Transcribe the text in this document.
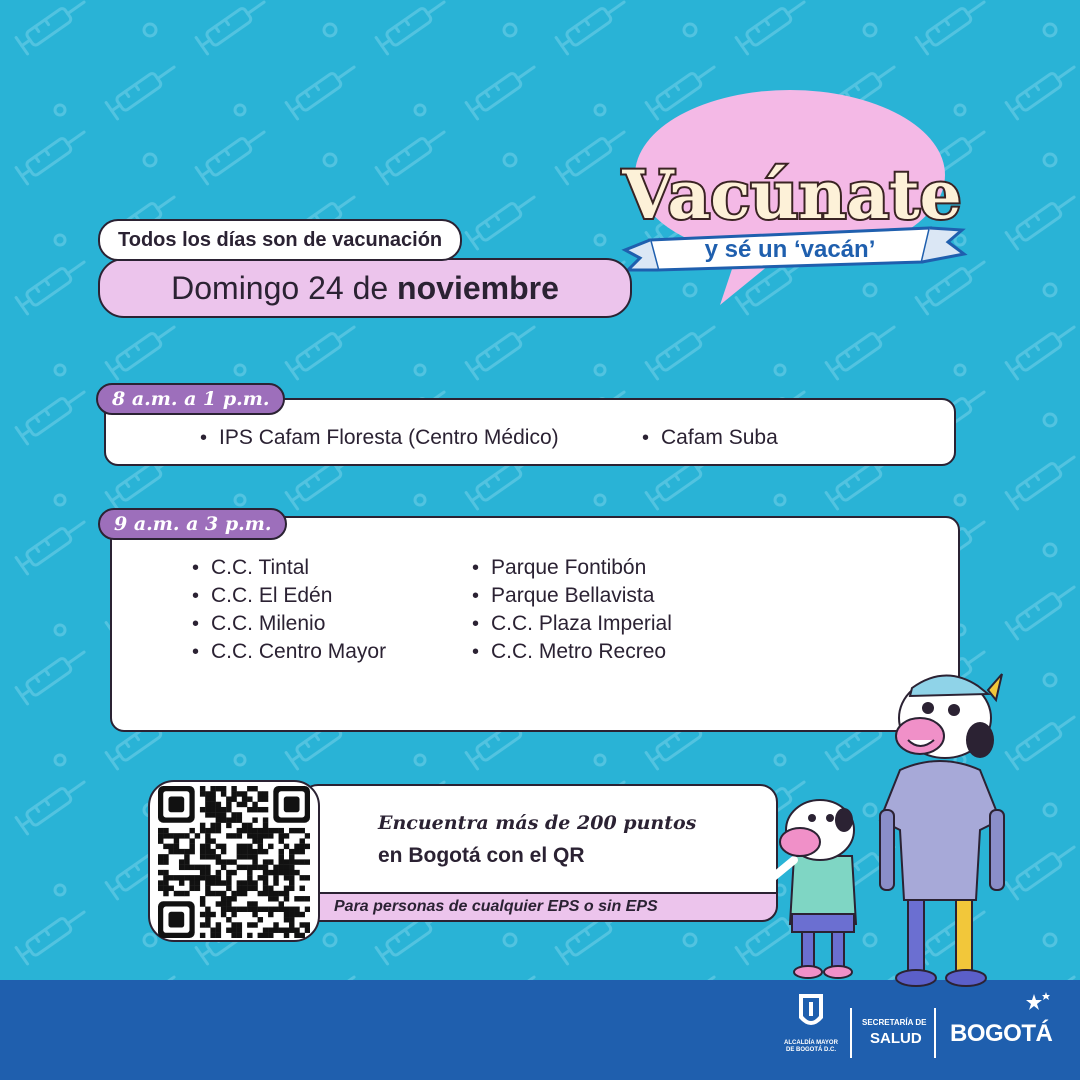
Vacúnate
y sé un ‘vacán’
Todos los días son de vacunación
Domingo 24 de noviembre
8 a.m. a 1 p.m.
• IPS Cafam Floresta (Centro Médico)
•	Cafam Suba
9 a.m. a 3 p.m.
• C.C. Tintal
• C.C. El Edén
• C.C. Milenio
• C.C. Centro Mayor
• Parque Fontibón
• Parque Bellavista
• C.C. Plaza Imperial
• C.C. Metro Recreo
Encuentra más de 200 puntos
en Bogotá con el QR
Para personas de cualquier EPS o sin EPS
ALCALDÍA MAYOR
DE BOGOTÁ D.C.
SECRETARÍA DE
SALUD BOGOTÁ
